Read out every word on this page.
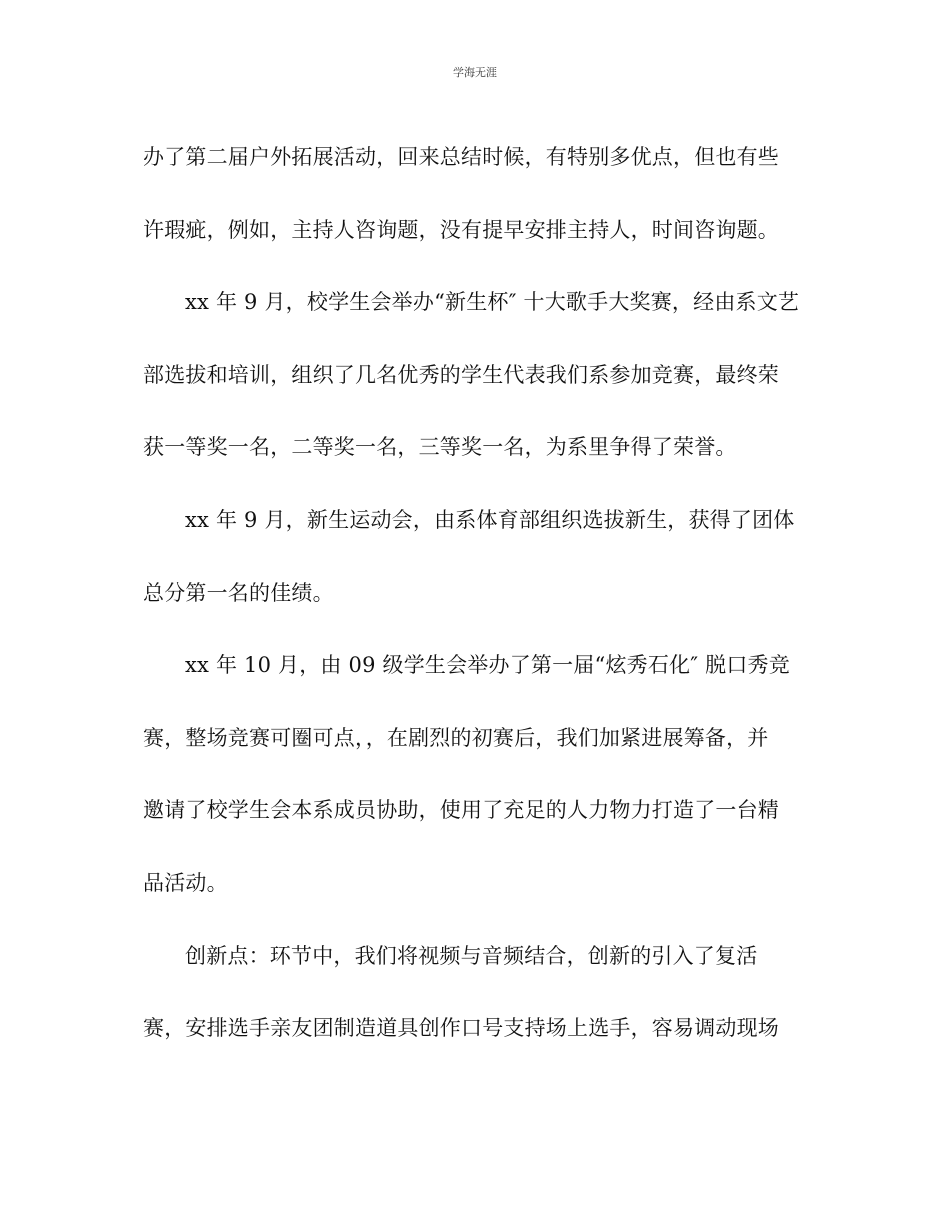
学海无涯
办了第二届户外拓展活动，回来总结时候，有特别多优点，但也有些
许瑕疵，例如，主持人咨询题，没有提早安排主持人，时间咨询题。
xx 年 9 月，校学生会举办“新生杯″ 十大歌手大奖赛，经由系文艺
部选拔和培训，组织了几名优秀的学生代表我们系参加竞赛，最终荣
获一等奖一名，二等奖一名，三等奖一名，为系里争得了荣誉。
xx 年 9 月，新生运动会，由系体育部组织选拔新生，获得了团体
总分第一名的佳绩。
xx 年 10 月，由 09 级学生会举办了第一届“炫秀石化″ 脱口秀竞
赛，整场竞赛可圈可点，，在剧烈的初赛后，我们加紧进展筹备，并
邀请了校学生会本系成员协助，使用了充足的人力物力打造了一台精
品活动。
创新点：环节中，我们将视频与音频结合，创新的引入了复活
赛，安排选手亲友团制造道具创作口号支持场上选手，容易调动现场
